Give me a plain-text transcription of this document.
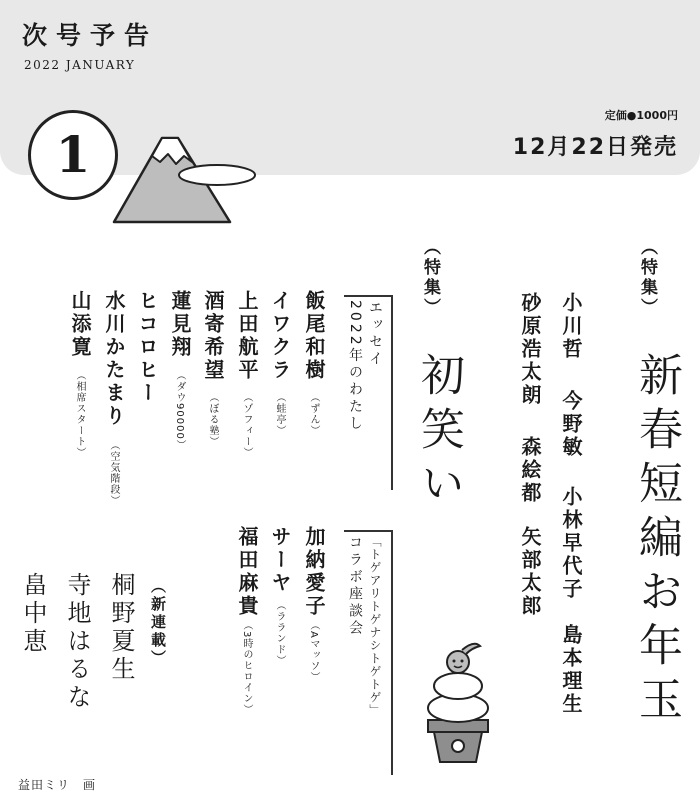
次号予告
2022 JANUARY
定価●1000円
12月22日発売
1
︵特集︶
新春短編お年玉
小川哲
今野敏
小林早代子
島本理生
砂原浩太朗
森絵都
矢部太郎
︵特集︶
初笑い
エッセイ
2022年のわたし
飯尾和樹
（ずん）
イワクラ
（蛙亭）
上田航平
（ゾフィー）
酒寄希望
（ぼる塾）
蓮見翔
（ダウ90000）
ヒコロヒー
水川かたまり
（空気階段）
山添寛
（相席スタート）
「トゲアリトゲナシトゲトゲ」
コラボ座談会
加納愛子
（Aマッソ）
サーヤ
（ラランド）
福田麻貴
（3時のヒロイン）
︵新連載︶
桐野夏生
寺地はるな
畠中恵
益田ミリ　画
